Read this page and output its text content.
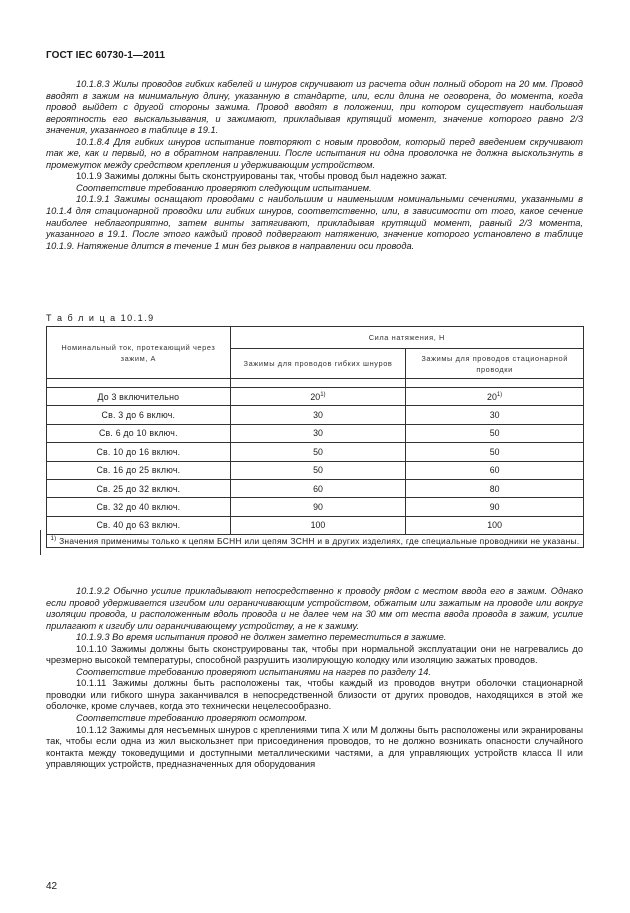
ГОСТ IEC 60730-1—2011

10.1.8.3 Жилы проводов гибких кабелей и шнуров скручивают из расчета один полный оборот на 20 мм. Провод вводят в зажим на минимальную длину, указанную в стандарте, или, если длина не оговорена, до момента, когда провод выйдет с другой стороны зажима. Провод вводят в положении, при котором существует наибольшая вероятность его выскальзывания, и зажимают, прикладывая крутящий момент, значение которого равно 2/3 значения, указанного в таблице в 19.1.

10.1.8.4 Для гибких шнуров испытание повторяют с новым проводом, который перед введением скручивают так же, как и первый, но в обратном направлении. После испытания ни одна проволочка не должна выскользнуть в промежуток между средством крепления и удерживающим устройством.

10.1.9 Зажимы должны быть сконструированы так, чтобы провод был надежно зажат.

Соответствие требованию проверяют следующим испытанием.

10.1.9.1 Зажимы оснащают проводами с наибольшим и наименьшим номинальными сечениями, указанными в 10.1.4 для стационарной проводки или гибких шнуров, соответственно, или, в зависимости от того, какое сечение наиболее неблагоприятно, затем винты затягивают, прикладывая крутящий момент, равный 2/3 момента, указанного в 19.1. После этого каждый провод подвергают натяжению, значение которого установлено в таблице 10.1.9. Натяжение длится в течение 1 мин без рывков в направлении оси провода.

Т а б л и ц а 10.1.9
Номинальный ток, протекающий через зажим, А	Сила натяжения, Н	
	Зажимы для проводов гибких шнуров	Зажимы для проводов стационарной проводки

До 3 включительно	20$^{1)}$	20$^{1)}$
Св. 3 до 6 включ.	30	30
Св. 6 до 10 включ.	30	50
Св. 10 до 16 включ.	50	50
Св. 16 до 25 включ.	50	60
Св. 25 до 32 включ.	60	80
Св. 32 до 40 включ.	90	90
Св. 40 до 63 включ.	100	100
$^{1)}$ Значения применимы только к цепям БСНН или цепям ЗСНН и в других изделиях, где специальные проводники не указаны.		

10.1.9.2 Обычно усилие прикладывают непосредственно к проводу рядом с местом ввода его в зажим. Однако если провод удерживается изгибом или ограничивающим устройством, обжатым или зажатым на проводе или вокруг изоляции провода, и расположенным вдоль провода и не далее чем на 30 мм от места ввода провода в зажим, усилие прилагают к изгибу или ограничивающему устройству, а не к зажиму.

10.1.9.3 Во время испытания провод не должен заметно переместиться в зажиме.

10.1.10 Зажимы должны быть сконструированы так, чтобы при нормальной эксплуатации они не нагревались до чрезмерно высокой температуры, способной разрушить изолирующую колодку или изоляцию зажатых проводов.

Соответствие требованию проверяют испытаниями на нагрев по разделу 14.

10.1.11 Зажимы должны быть расположены так, чтобы каждый из проводов внутри оболочки стационарной проводки или гибкого шнура заканчивался в непосредственной близости от других проводов, находящихся в этой же оболочке, кроме случаев, когда это технически нецелесообразно.

Соответствие требованию проверяют осмотром.

10.1.12 Зажимы для несъемных шнуров с креплениями типа X или M должны быть расположены или экранированы так, чтобы если одна из жил выскользнет при присоединения проводов, то не должно возникать опасности случайного контакта между токоведущими и доступными металлическими частями, а для управляющих устройств класса II или управляющих устройств, предназначенных для оборудования

42
